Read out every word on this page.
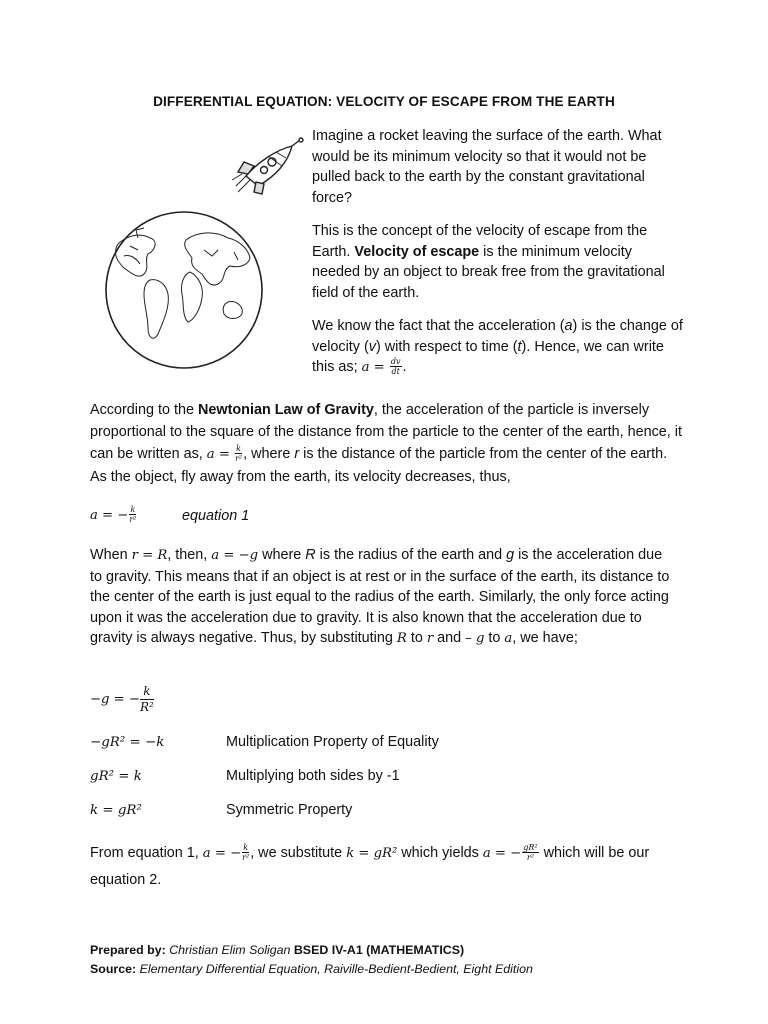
DIFFERENTIAL EQUATION: VELOCITY OF ESCAPE FROM THE EARTH
Imagine a rocket leaving the surface of the earth. What would be its minimum velocity so that it would not be pulled back to the earth by the constant gravitational force?
This is the concept of the velocity of escape from the Earth. Velocity of escape is the minimum velocity needed by an object to break free from the gravitational field of the earth.
We know the fact that the acceleration (a) is the change of velocity (v) with respect to time (t). Hence, we can write this as; $a = \frac{dv}{dt}$ .
According to the Newtonian Law of Gravity, the acceleration of the particle is inversely proportional to the square of the distance from the particle to the center of the earth, hence, it can be written as, $a = \frac{k}{\text{r²}}$ , where r is the distance of the particle from the center of the earth. As the object, fly away from the earth, its velocity decreases, thus,
a = − $\frac{k}{\text{r²}}$	equation 1
When r = R, then, a = −g where R is the radius of the earth and g is the acceleration due to gravity. This means that if an object is at rest or in the surface of the earth, its distance to the center of the earth is just equal to the radius of the earth. Similarly, the only force acting upon it was the acceleration due to gravity. It is also known that the acceleration due to gravity is always negative. Thus, by substituting R to r and – g to a, we have;
−g = − $\frac{k}{\text{R²}}$
−gR² = −k	Multiplication Property of Equality
gR² = k	Multiplying both sides by -1
k = gR²	Symmetric Property
From equation 1, a = − $\frac{k}{\text{r²}}$ , we substitute k = gR² which yields a = − $\frac{\text{gR²}}{\text{r²}}$ which will be our equation 2.
Prepared by: Christian Elim Soligan BSED IV-A1 (MATHEMATICS)
Source: Elementary Differential Equation, Raiville-Bedient-Bedient, Eight Edition
